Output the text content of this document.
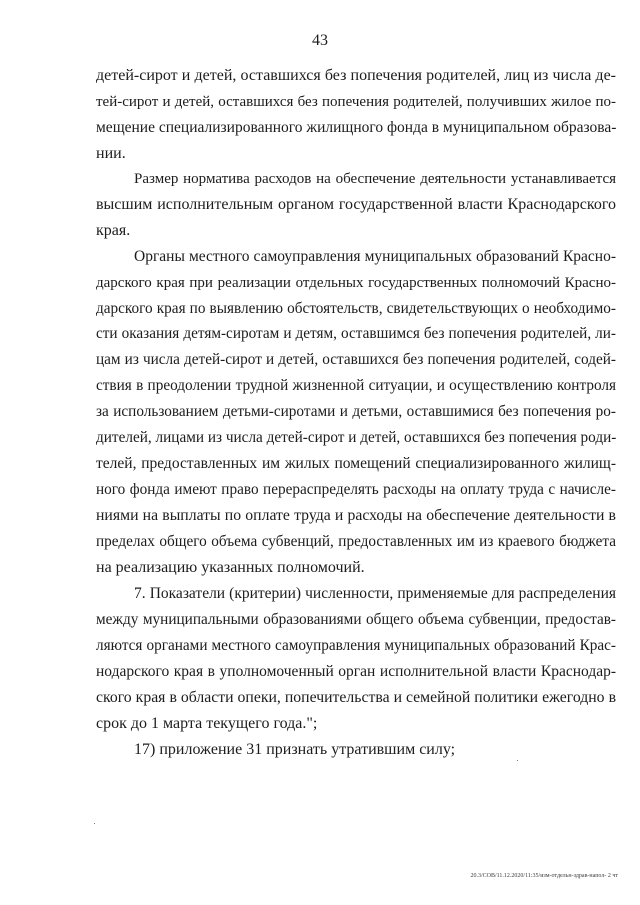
43
детей-сирот и детей, оставшихся без попечения родителей, лиц из числа де-
тей-сирот и детей, оставшихся без попечения родителей, получивших жилое по-
мещение специализированного жилищного фонда в муниципальном образова-
нии.
Размер норматива расходов на обеспечение деятельности устанавливается
высшим исполнительным органом государственной власти Краснодарского
края.
Органы местного самоуправления муниципальных образований Красно-
дарского края при реализации отдельных государственных полномочий Красно-
дарского края по выявлению обстоятельств, свидетельствующих о необходимо-
сти оказания детям-сиротам и детям, оставшимся без попечения родителей, ли-
цам из числа детей-сирот и детей, оставшихся без попечения родителей, содей-
ствия в преодолении трудной жизненной ситуации, и осуществлению контроля
за использованием детьми-сиротами и детьми, оставшимися без попечения ро-
дителей, лицами из числа детей-сирот и детей, оставшихся без попечения роди-
телей, предоставленных им жилых помещений специализированного жилищ-
ного фонда имеют право перераспределять расходы на оплату труда с начисле-
ниями на выплаты по оплате труда и расходы на обеспечение деятельности в
пределах общего объема субвенций, предоставленных им из краевого бюджета
на реализацию указанных полномочий.
7. Показатели (критерии) численности, применяемые для распределения
между муниципальными образованиями общего объема субвенции, предостав-
ляются органами местного самоуправления муниципальных образований Крас-
нодарского края в уполномоченный орган исполнительной власти Краснодар-
ского края в области опеки, попечительства и семейной политики ежегодно в
срок до 1 марта текущего года.";
17) приложение 31 признать утратившим силу;
20.3/СОВ/11.12.2020/11:35/изм-отдельн-здрав-напол- 2 чт
